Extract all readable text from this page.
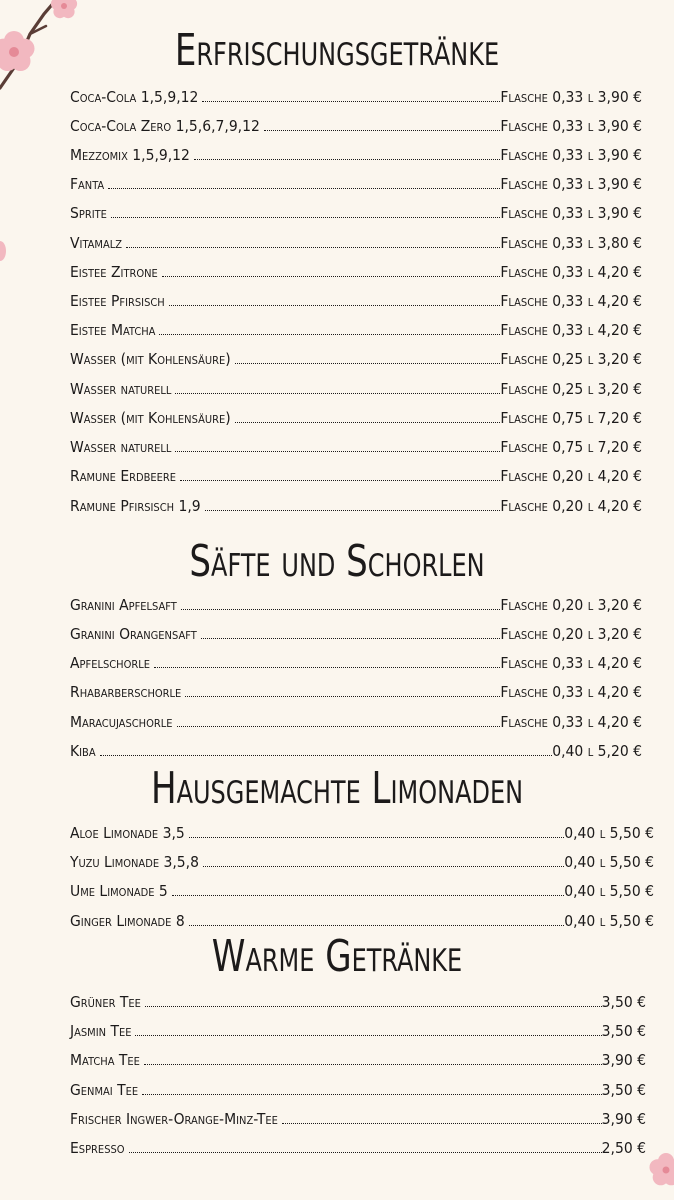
Erfrischungsgetränke
Coca-Cola 1,5,9,12	Flasche 0,33 l 3,90 €
Coca-Cola Zero 1,5,6,7,9,12	Flasche 0,33 l 3,90 €
Mezzomix 1,5,9,12	Flasche 0,33 l 3,90 €
Fanta	Flasche 0,33 l 3,90 €
Sprite	Flasche 0,33 l 3,90 €
Vitamalz	Flasche 0,33 l 3,80 €
Eistee Zitrone	Flasche 0,33 l 4,20 €
Eistee Pfirsisch	Flasche 0,33 l 4,20 €
Eistee Matcha	Flasche 0,33 l 4,20 €
Wasser (mit Kohlensäure)	Flasche 0,25 l 3,20 €
Wasser naturell	Flasche 0,25 l 3,20 €
Wasser (mit Kohlensäure)	Flasche 0,75 l 7,20 €
Wasser naturell	Flasche 0,75 l 7,20 €
Ramune Erdbeere	Flasche 0,20 l 4,20 €
Ramune Pfirsisch 1,9	Flasche 0,20 l 4,20 €
Säfte und Schorlen
Granini Apfelsaft	Flasche 0,20 l 3,20 €
Granini Orangensaft	Flasche 0,20 l 3,20 €
Apfelschorle	Flasche 0,33 l 4,20 €
Rhabarberschorle	Flasche 0,33 l 4,20 €
Maracujaschorle	Flasche 0,33 l 4,20 €
Kiba	0,40 l 5,20 €
Hausgemachte Limonaden
Aloe Limonade 3,5	0,40 l 5,50 €
Yuzu Limonade 3,5,8	0,40 l 5,50 €
Ume Limonade 5	0,40 l 5,50 €
Ginger Limonade 8	0,40 l 5,50 €
Warme Getränke
Grüner Tee	3,50 €
Jasmin Tee	3,50 €
Matcha Tee	3,90 €
Genmai Tee	3,50 €
Frischer Ingwer-Orange-Minz-Tee	3,90 €
Espresso	2,50 €
